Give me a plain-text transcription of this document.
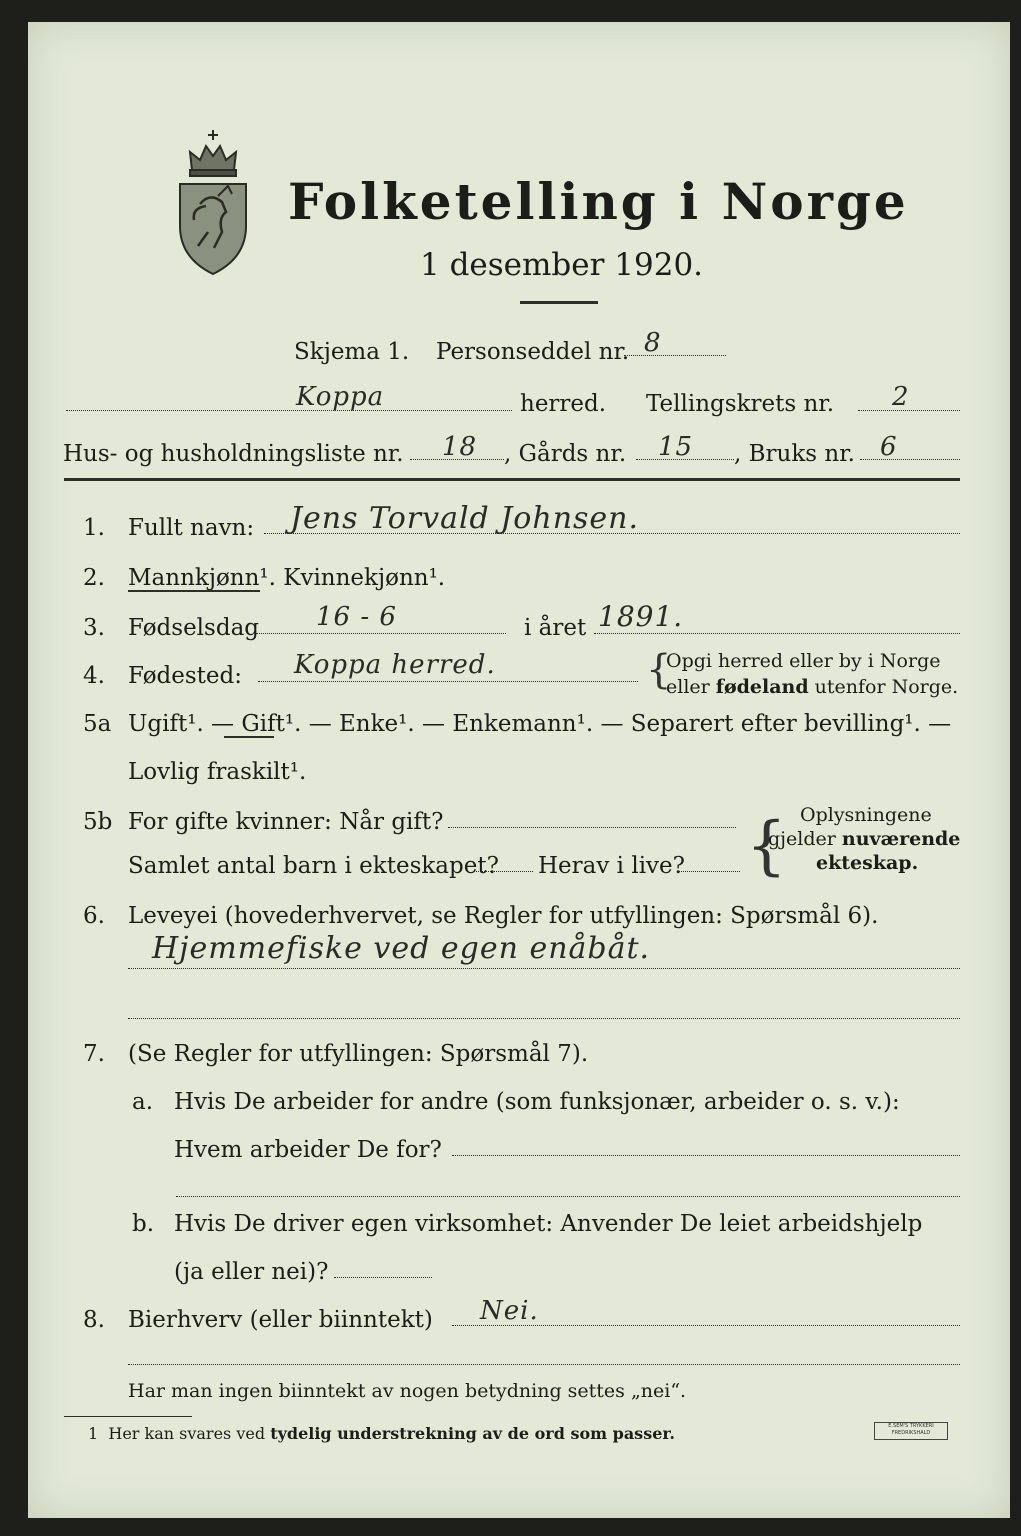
Folketelling i Norge
1 desember 1920.
Skjema 1. Personseddel nr. 8
Koppa	herred. Tellingskrets nr. 2
Hus- og husholdningsliste nr. 18 , Gårds nr. 15 , Bruks nr. 6
1. Fullt navn: Jens Torvald Johnsen.
2. Mannkjønn¹. Kvinnekjønn¹.
3. Fødselsdag 16 - 6	i året 1891.
4. Fødested: Koppa herred.	{
Opgi herred eller by i Norge
eller fødeland utenfor Norge.
5a Ugift¹. — Gift¹. — Enke¹. — Enkemann¹. — Separert efter bevilling¹. —
Lovlig fraskilt¹.
5b For gifte kvinner: Når gift?
Samlet antal barn i ekteskapet? Herav i live? { Oplysningene
gjelder nuværende
ekteskap.
6. Leveyei (hovederhvervet, se Regler for utfyllingen: Spørsmål 6).
Hjemmefiske ved egen enåbåt.
7. (Se Regler for utfyllingen: Spørsmål 7).
a. Hvis De arbeider for andre (som funksjonær, arbeider o. s. v.):
Hvem arbeider De for?
b. Hvis De driver egen virksomhet: Anvender De leiet arbeidshjelp
(ja eller nei)?
8. Bierhverv (eller biinntekt) Nei.
Har man ingen biinntekt av nogen betydning settes „nei“.
1 Her kan svares ved tydelig understrekning av de ord som passer.	E.SEM'S TRYKKERI FREDRIKSHALD
